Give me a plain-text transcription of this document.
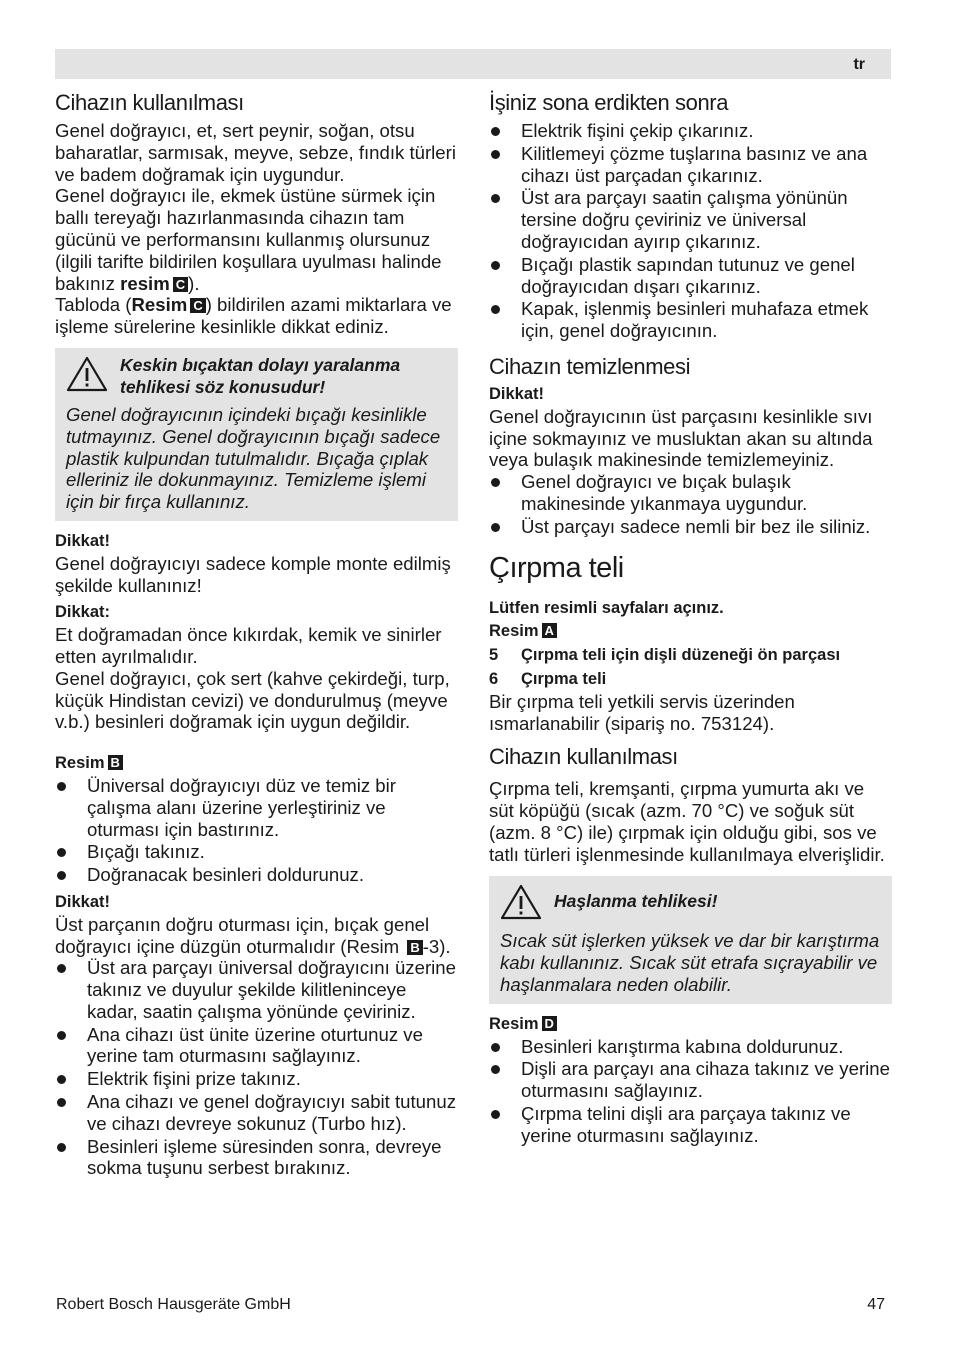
tr
Cihazın kullanılması

Genel doğrayıcı, et, sert peynir, soğan, otsu baharatlar, sarmısak, meyve, sebze, fındık türleri ve badem doğramak için uygundur.

Genel doğrayıcı ile, ekmek üstüne sürmek için ballı tereyağı hazırlanmasında cihazın tam gücünü ve performansını kullanmış olursunuz (ilgili tarifte bildirilen koşullara uyulması halinde bakınız resim C ).

Tabloda (Resim C ) bildirilen azami miktarlara ve işleme sürelerine kesinlikle dikkat ediniz.

Keskin bıçaktan dolayı yaralanma tehlikesi söz konusudur!
Genel doğrayıcının içindeki bıçağı kesinlikle tutmayınız. Genel doğrayıcının bıçağı sadece plastik kulpundan tutulmalıdır. Bıçağa çıplak elleriniz ile dokunmayınız. Temizleme işlemi için bir fırça kullanınız.

Dikkat!

Genel doğrayıcıyı sadece komple monte edilmiş şekilde kullanınız!

Dikkat:

Et doğramadan önce kıkırdak, kemik ve sinirler etten ayrılmalıdır.

Genel doğrayıcı, çok sert (kahve çekirdeği, turp, küçük Hindistan cevizi) ve dondurulmuş (meyve v.b.) besinleri doğramak için uygun değildir.

Resim B

Üniversal doğrayıcıyı düz ve temiz bir çalışma alanı üzerine yerleştiriniz ve oturması için bastırınız.
Bıçağı takınız.
Doğranacak besinleri doldurunuz.

Dikkat!

Üst parçanın doğru oturması için, bıçak genel doğrayıcı içine düzgün oturmalıdır (Resim B -3).

Üst ara parçayı üniversal doğrayıcını üzerine takınız ve duyulur şekilde kilitleninceye kadar, saatin çalışma yönünde çeviriniz.
Ana cihazı üst ünite üzerine oturtunuz ve yerine tam oturmasını sağlayınız.
Elektrik fişini prize takınız.
Ana cihazı ve genel doğrayıcıyı sabit tutunuz ve cihazı devreye sokunuz (Turbo hız).
Besinleri işleme süresinden sonra, devreye sokma tuşunu serbest bırakınız.
İşiniz sona erdikten sonra
Elektrik fişini çekip çıkarınız.
Kilitlemeyi çözme tuşlarına basınız ve ana cihazı üst parçadan çıkarınız.
Üst ara parçayı saatin çalışma yönünün tersine doğru çeviriniz ve üniversal doğrayıcıdan ayırıp çıkarınız.
Bıçağı plastik sapından tutunuz ve genel doğrayıcıdan dışarı çıkarınız.
Kapak, işlenmiş besinleri muhafaza etmek için, genel doğrayıcının.
Cihazın temizlenmesi

Dikkat!

Genel doğrayıcının üst parçasını kesinlikle sıvı içine sokmayınız ve musluktan akan su altında veya bulaşık makinesinde temizlemeyiniz.

Genel doğrayıcı ve bıçak bulaşık makinesinde yıkanmaya uygundur.
Üst parçayı sadece nemli bir bez ile siliniz.
Çırpma teli

Lütfen resimli sayfaları açınız.

Resim A

5	Çırpma teli için dişli düzeneği ön parçası
6	Çırpma teli

Bir çırpma teli yetkili servis üzerinden ısmarlanabilir (sipariş no. 753124).

Cihazın kullanılması

Çırpma teli, kremşanti, çırpma yumurta akı ve süt köpüğü (sıcak (azm. 70 °C) ve soğuk süt (azm. 8 °C) ile) çırpmak için olduğu gibi, sos ve tatlı türleri işlenmesinde kullanılmaya elverişlidir.

Haşlanma tehlikesi!
Sıcak süt işlerken yüksek ve dar bir karıştırma kabı kullanınız. Sıcak süt etrafa sıçrayabilir ve haşlanmalara neden olabilir.

Resim D

Besinleri karıştırma kabına doldurunuz.
Dişli ara parçayı ana cihaza takınız ve yerine oturmasını sağlayınız.
Çırpma telini dişli ara parçaya takınız ve yerine oturmasını sağlayınız.
Robert Bosch Hausgeräte GmbH	47
